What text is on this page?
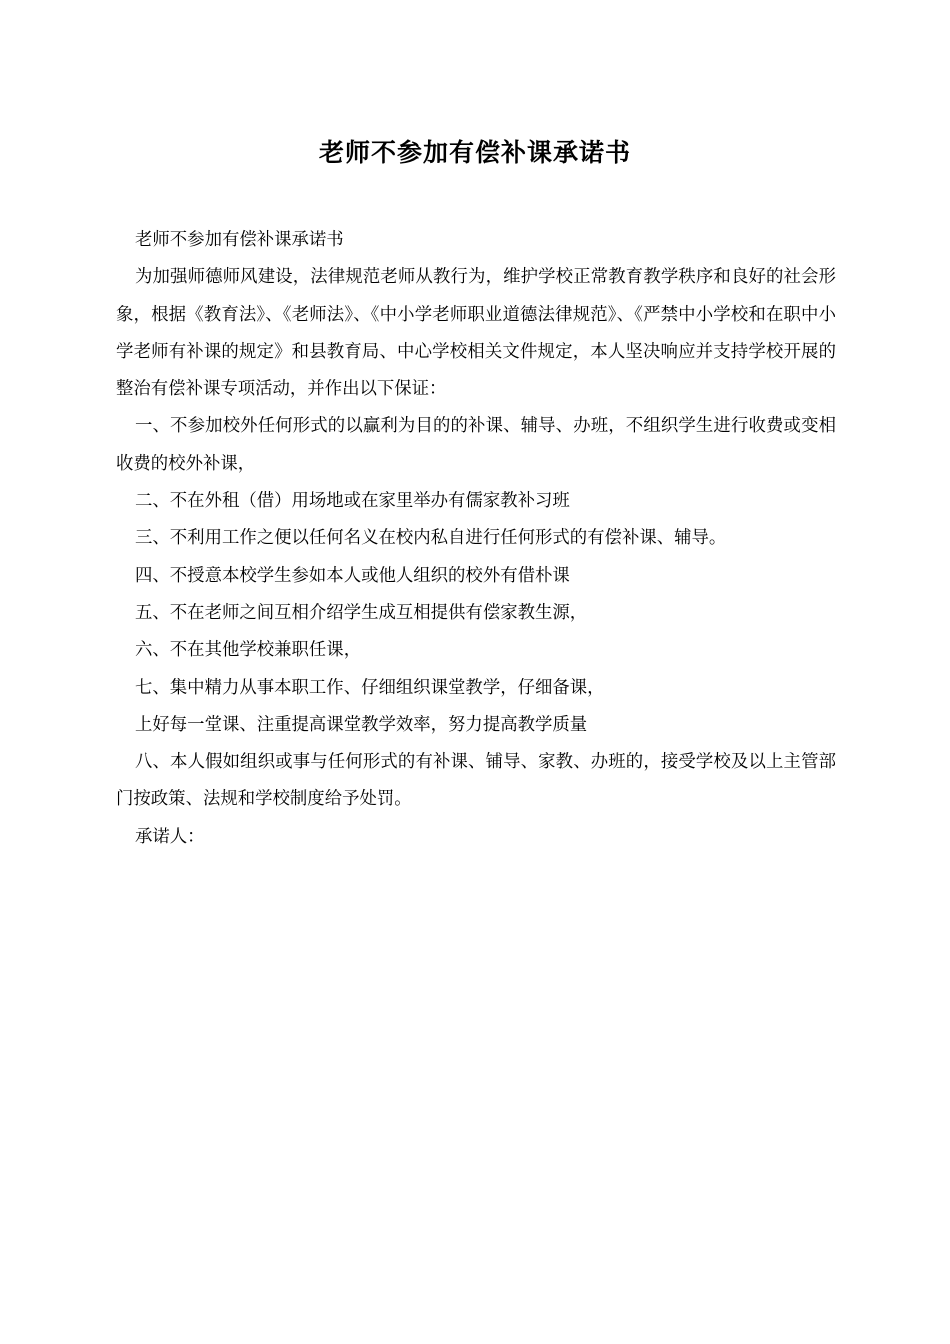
老师不参加有偿补课承诺书

老师不参加有偿补课承诺书

为加强师德师风建设，法律规范老师从教行为，维护学校正常教育教学秩序和良好的社会形象，根据《教育法》、《老师法》、《中小学老师职业道德法律规范》、《严禁中小学校和在职中小学老师有补课的规定》和县教育局、中心学校相关文件规定，本人坚决响应并支持学校开展的整治有偿补课专项活动，并作出以下保证：

一、不参加校外任何形式的以赢利为目的的补课、辅导、办班，不组织学生进行收费或变相收费的校外补课，

二、不在外租（借）用场地或在家里举办有儒家教补习班

三、不利用工作之便以任何名义在校内私自进行任何形式的有偿补课、辅导。

四、不授意本校学生参如本人或他人组织的校外有借朴课

五、不在老师之间互相介绍学生成互相提供有偿家教生源，

六、不在其他学校兼职任课，

七、集中精力从事本职工作、仔细组织课堂教学，仔细备课，

上好每一堂课、注重提高课堂教学效率，努力提高教学质量

八、本人假如组织或事与任何形式的有补课、铺导、家教、办班的，接受学校及以上主管部门按政策、法规和学校制度给予处罚。

承诺人：
